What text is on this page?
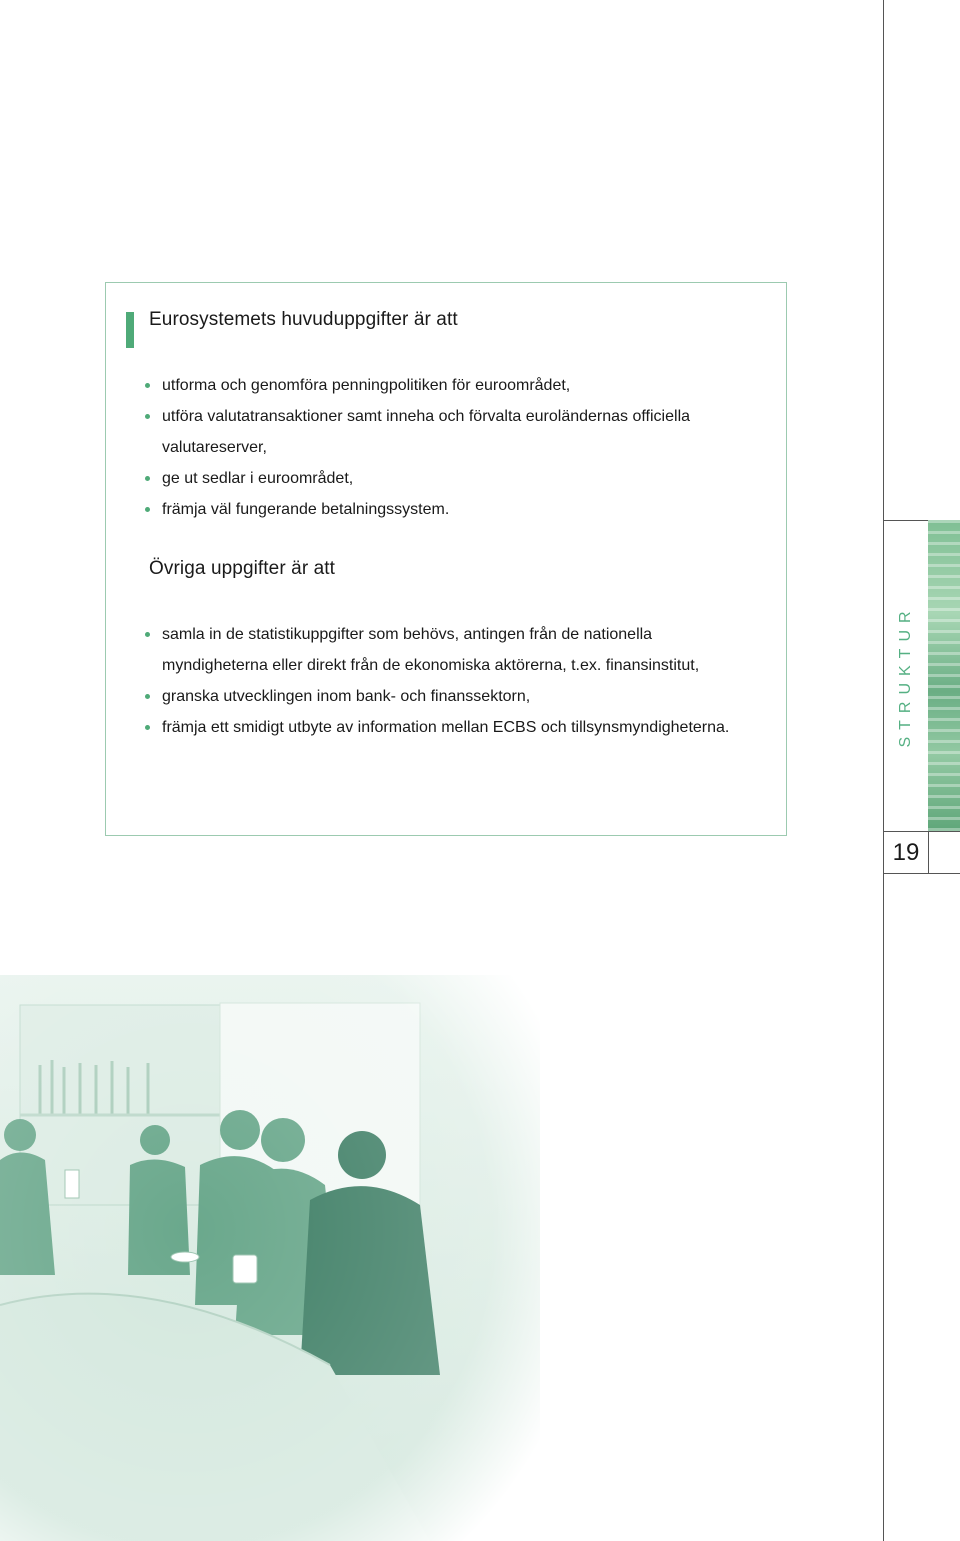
Eurosystemets huvuduppgifter är att
utforma och genomföra penningpolitiken för euroområdet,
utföra valutatransaktioner samt inneha och förvalta euroländernas officiella valutareserver,
ge ut sedlar i euroområdet,
främja väl fungerande betalningssystem.
Övriga uppgifter är att
samla in de statistikuppgifter som behövs, antingen från de nationella myndigheterna eller direkt från de ekonomiska aktörerna, t.ex. finansinstitut,
granska utvecklingen inom bank- och finanssektorn,
främja ett smidigt utbyte av information mellan ECBS och tillsynsmyndigheterna.	STRUKTUR
19
